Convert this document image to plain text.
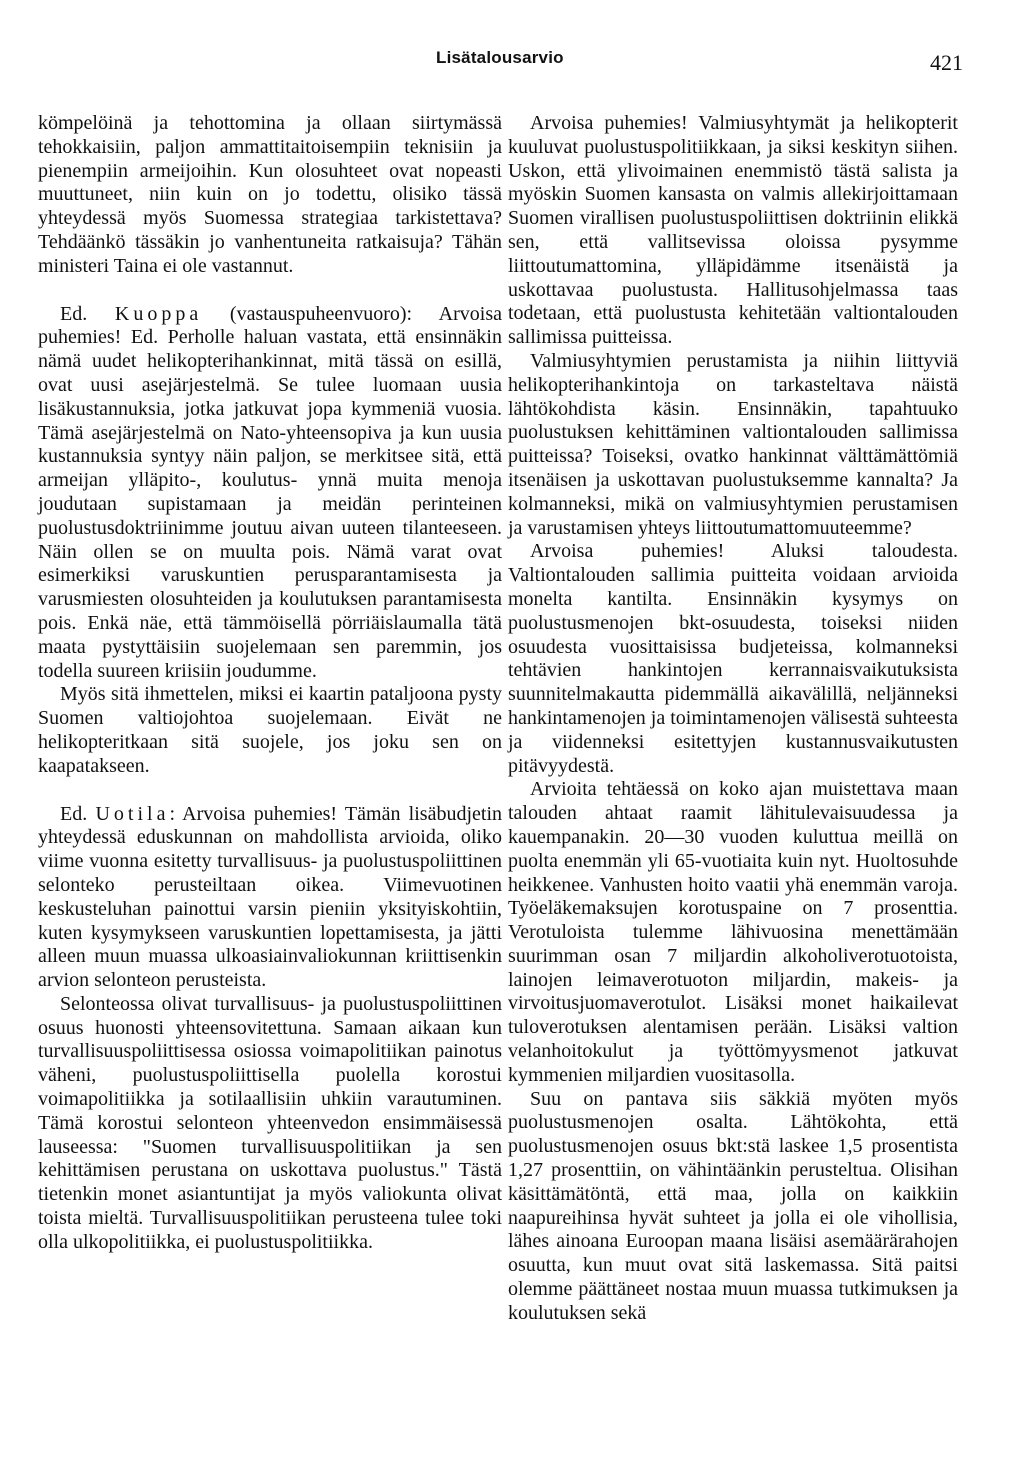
Lisätalousarvio	421

kömpelöinä ja tehottomina ja ollaan siirtymässä tehokkaisiin, paljon ammattitaitoisempiin teknisiin ja pienempiin armeijoihin. Kun olosuhteet ovat nopeasti muuttuneet, niin kuin on jo todettu, olisiko tässä yhteydessä myös Suomessa strategiaa tarkistettava? Tehdäänkö tässäkin jo vanhentuneita ratkaisuja? Tähän ministeri Taina ei ole vastannut.

Ed. Kuoppa (vastauspuheenvuoro): Arvoisa puhemies! Ed. Perholle haluan vastata, että ensinnäkin nämä uudet helikopterihankinnat, mitä tässä on esillä, ovat uusi asejärjestelmä. Se tulee luomaan uusia lisäkustannuksia, jotka jatkuvat jopa kymmeniä vuosia. Tämä asejärjestelmä on Nato-yhteensopiva ja kun uusia kustannuksia syntyy näin paljon, se merkitsee sitä, että armeijan ylläpito-, koulutus- ynnä muita menoja joudutaan supistamaan ja meidän perinteinen puolustusdoktriinimme joutuu aivan uuteen tilanteeseen. Näin ollen se on muulta pois. Nämä varat ovat esimerkiksi varuskuntien perusparantamisesta ja varusmiesten olosuhteiden ja koulutuksen parantamisesta pois. Enkä näe, että tämmöisellä pörriäislaumalla tätä maata pystyttäisiin suojelemaan sen paremmin, jos todella suureen kriisiin joudumme.

Myös sitä ihmettelen, miksi ei kaartin pataljoona pysty Suomen valtiojohtoa suojelemaan. Eivät ne helikopteritkaan sitä suojele, jos joku sen on kaapatakseen.

Ed. Uotila: Arvoisa puhemies! Tämän lisäbudjetin yhteydessä eduskunnan on mahdollista arvioida, oliko viime vuonna esitetty turvallisuus- ja puolustuspoliittinen selonteko perusteiltaan oikea. Viimevuotinen keskusteluhan painottui varsin pieniin yksityiskohtiin, kuten kysymykseen varuskuntien lopettamisesta, ja jätti alleen muun muassa ulkoasiainvaliokunnan kriittisenkin arvion selonteon perusteista.

Selonteossa olivat turvallisuus- ja puolustuspoliittinen osuus huonosti yhteensovitettuna. Samaan aikaan kun turvallisuuspoliittisessa osiossa voimapolitiikan painotus väheni, puolustuspoliittisella puolella korostui voimapolitiikka ja sotilaallisiin uhkiin varautuminen. Tämä korostui selonteon yhteenvedon ensimmäisessä lauseessa: "Suomen turvallisuuspolitiikan ja sen kehittämisen perustana on uskottava puolustus." Tästä tietenkin monet asiantuntijat ja myös valiokunta olivat toista mieltä. Turvallisuuspolitiikan perusteena tulee toki olla ulkopolitiikka, ei puolustuspolitiikka.

Arvoisa puhemies! Valmiusyhtymät ja helikopterit kuuluvat puolustuspolitiikkaan, ja siksi keskityn siihen. Uskon, että ylivoimainen enemmistö tästä salista ja myöskin Suomen kansasta on valmis allekirjoittamaan Suomen virallisen puolustuspoliittisen doktriinin elikkä sen, että vallitsevissa oloissa pysymme liittoutumattomina, ylläpidämme itsenäistä ja uskottavaa puolustusta. Hallitusohjelmassa taas todetaan, että puolustusta kehitetään valtiontalouden sallimissa puitteissa.

Valmiusyhtymien perustamista ja niihin liittyviä helikopterihankintoja on tarkasteltava näistä lähtökohdista käsin. Ensinnäkin, tapahtuuko puolustuksen kehittäminen valtiontalouden sallimissa puitteissa? Toiseksi, ovatko hankinnat välttämättömiä itsenäisen ja uskottavan puolustuksemme kannalta? Ja kolmanneksi, mikä on valmiusyhtymien perustamisen ja varustamisen yhteys liittoutumattomuuteemme?

Arvoisa puhemies! Aluksi taloudesta. Valtiontalouden sallimia puitteita voidaan arvioida monelta kantilta. Ensinnäkin kysymys on puolustusmenojen bkt-osuudesta, toiseksi niiden osuudesta vuosittaisissa budjeteissa, kolmanneksi tehtävien hankintojen kerrannaisvaikutuksista suunnitelmakautta pidemmällä aikavälillä, neljänneksi hankintamenojen ja toimintamenojen välisestä suhteesta ja viidenneksi esitettyjen kustannusvaikutusten pitävyydestä.

Arvioita tehtäessä on koko ajan muistettava maan talouden ahtaat raamit lähitulevaisuudessa ja kauempanakin. 20—30 vuoden kuluttua meillä on puolta enemmän yli 65-vuotiaita kuin nyt. Huoltosuhde heikkenee. Vanhusten hoito vaatii yhä enemmän varoja. Työeläkemaksujen korotuspaine on 7 prosenttia. Verotuloista tulemme lähivuosina menettämään suurimman osan 7 miljardin alkoholiverotuotoista, lainojen leimaverotuoton miljardin, makeis- ja virvoitusjuomaverotulot. Lisäksi monet haikailevat tuloverotuksen alentamisen perään. Lisäksi valtion velanhoitokulut ja työttömyysmenot jatkuvat kymmenien miljardien vuositasolla.

Suu on pantava siis säkkiä myöten myös puolustusmenojen osalta. Lähtökohta, että puolustusmenojen osuus bkt:stä laskee 1,5 prosentista 1,27 prosenttiin, on vähintäänkin perusteltua. Olisihan käsittämätöntä, että maa, jolla on kaikkiin naapureihinsa hyvät suhteet ja jolla ei ole vihollisia, lähes ainoana Euroopan maana lisäisi asemäärärahojen osuutta, kun muut ovat sitä laskemassa. Sitä paitsi olemme päättäneet nostaa muun muassa tutkimuksen ja koulutuksen sekä
